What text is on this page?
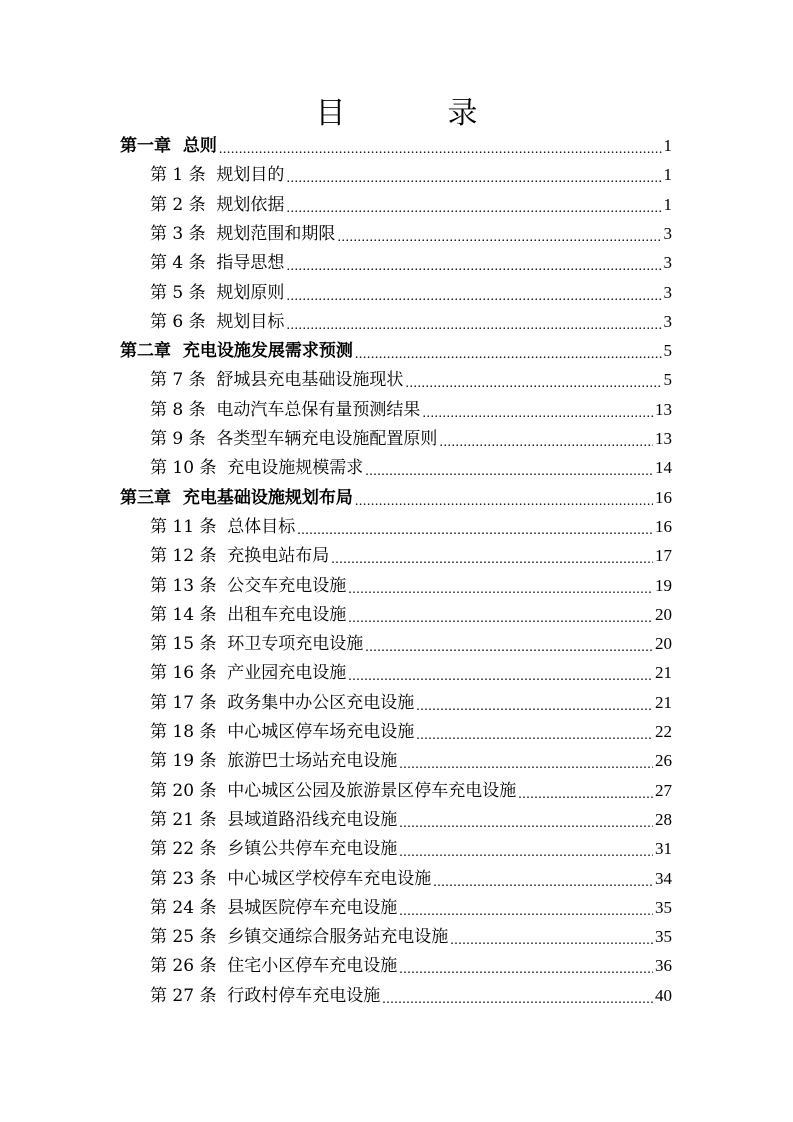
目　录
第一章  总则 .....	1
第 1 条  规划目的 .....	1
第 2 条  规划依据 .....	1
第 3 条  规划范围和期限 .....	3
第 4 条  指导思想 .....	3
第 5 条  规划原则 .....	3
第 6 条  规划目标 .....	3
第二章  充电设施发展需求预测 .....	5
第 7 条  舒城县充电基础设施现状 .....	5
第 8 条  电动汽车总保有量预测结果 .....	13
第 9 条  各类型车辆充电设施配置原则 .....	13
第 10 条  充电设施规模需求 .....	14
第三章  充电基础设施规划布局 .....	16
第 11 条  总体目标 .....	16
第 12 条  充换电站布局 .....	17
第 13 条  公交车充电设施 .....	19
第 14 条  出租车充电设施 .....	20
第 15 条  环卫专项充电设施 .....	20
第 16 条  产业园充电设施 .....	21
第 17 条  政务集中办公区充电设施 .....	21
第 18 条  中心城区停车场充电设施 .....	22
第 19 条  旅游巴士场站充电设施 .....	26
第 20 条  中心城区公园及旅游景区停车充电设施 .....	27
第 21 条  县域道路沿线充电设施 .....	28
第 22 条  乡镇公共停车充电设施 .....	31
第 23 条  中心城区学校停车充电设施 .....	34
第 24 条  县城医院停车充电设施 .....	35
第 25 条  乡镇交通综合服务站充电设施 .....	35
第 26 条  住宅小区停车充电设施 .....	36
第 27 条  行政村停车充电设施 .....	40
